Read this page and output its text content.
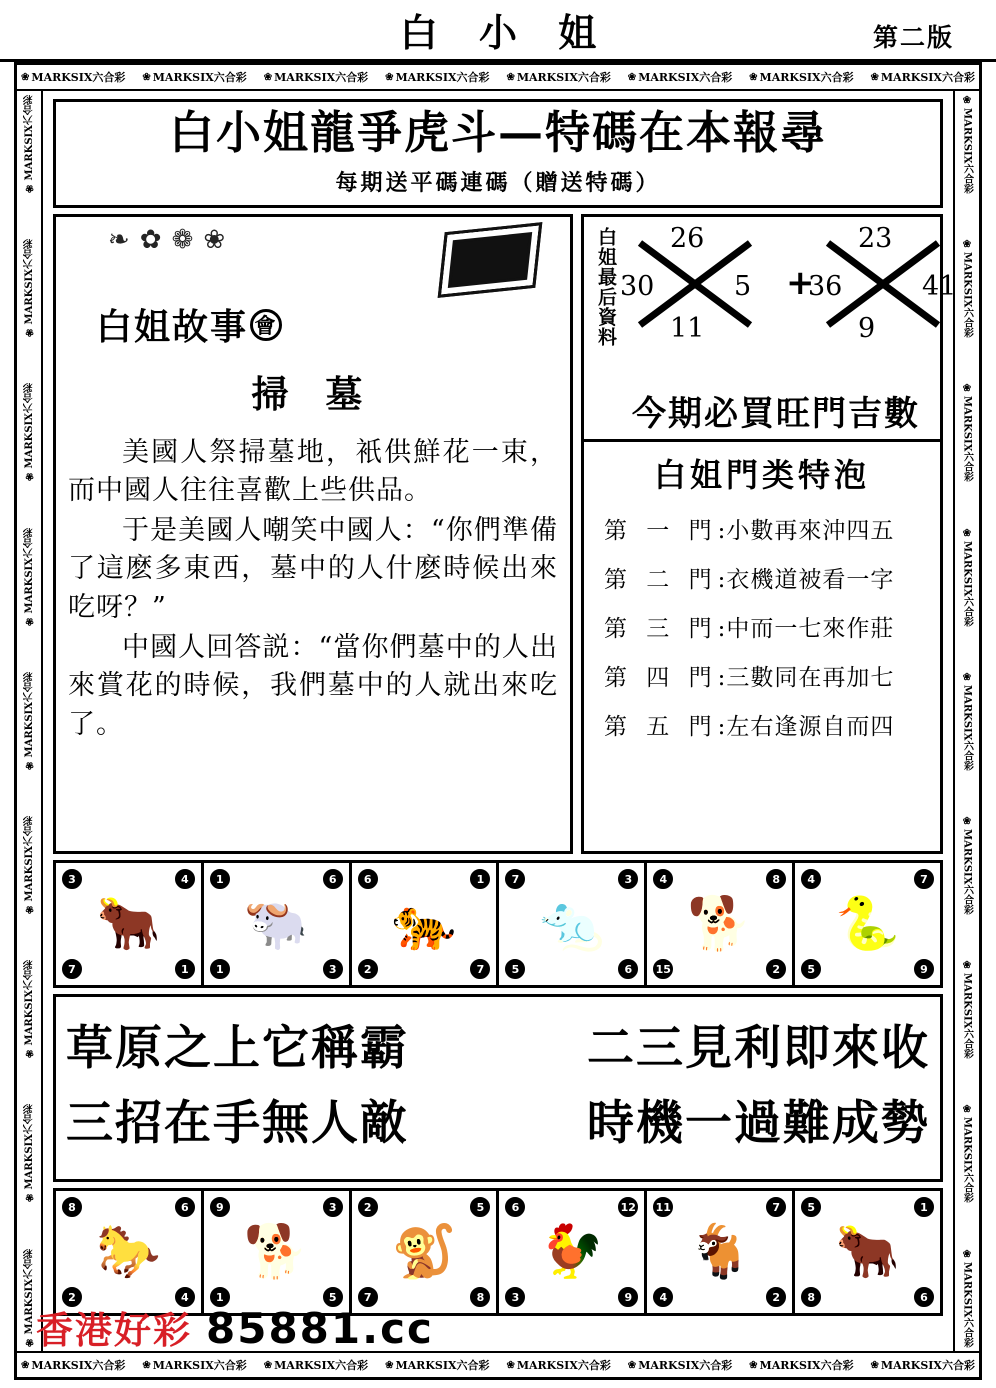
白 小 姐	第二版
❀ MARKSIX六合彩 ❀ MARKSIX六合彩 ❀ MARKSIX六合彩 ❀ MARKSIX六合彩 ❀ MARKSIX六合彩 ❀ MARKSIX六合彩 ❀ MARKSIX六合彩 ❀ MARKSIX六合彩
❀ MARKSIX六合彩 ❀ MARKSIX六合彩 ❀ MARKSIX六合彩 ❀ MARKSIX六合彩 ❀ MARKSIX六合彩 ❀ MARKSIX六合彩 ❀ MARKSIX六合彩 ❀ MARKSIX六合彩
❀
MARKSIX六合彩
❀
MARKSIX六合彩
❀
MARKSIX六合彩
❀
MARKSIX六合彩
❀
MARKSIX六合彩
❀
MARKSIX六合彩
❀
MARKSIX六合彩
❀
MARKSIX六合彩
❀
MARKSIX六合彩
❀
MARKSIX六合彩
❀
MARKSIX六合彩
❀
MARKSIX六合彩
❀
MARKSIX六合彩
❀
MARKSIX六合彩
❀
MARKSIX六合彩
❀
MARKSIX六合彩
❀
MARKSIX六合彩
❀
MARKSIX六合彩
白小姐龍爭虎斗—特碼在本報尋
每期送平碼連碼（贈送特碼）
❧✿❁❀
白姐故事 會
掃 墓

美國人祭掃墓地，衹供鮮花一束，而中國人往往喜歡上些供品。

于是美國人嘲笑中國人：“你們準備了這麽多東西，墓中的人什麽時候出來吃呀？”

中國人回答説：“當你們墓中的人出來賞花的時候，我們墓中的人就出來吃了。

白姐最后資料 26
30	5
11
+
23
36	41
9
今期必買旺門吉數
白姐門类特泡
第 一 門:小數再來沖四五
第 二 門:衣機道被看一字
第 三 門:中而一七來作莊
第 四 門:三數同在再加七
第 五 門:左右逢源自而四
3
7
4
1
🐂
1
1
6
3
🐃
6
2
1
7
🐅
7
5
3
6
🐀
4
15
8
2
🐕
4
5
7
9
🐍
草原之上它稱霸	二三見利即來收
三招在手無人敵	時機一過難成勢
8
2
6
4
🐎
9
1
3
5
🐕
2
7
5
8
🐒
6
3
12
9
🐓
11
4
7
2
🐐
5
8
1
6
🐂
香港好彩 85881.cc
